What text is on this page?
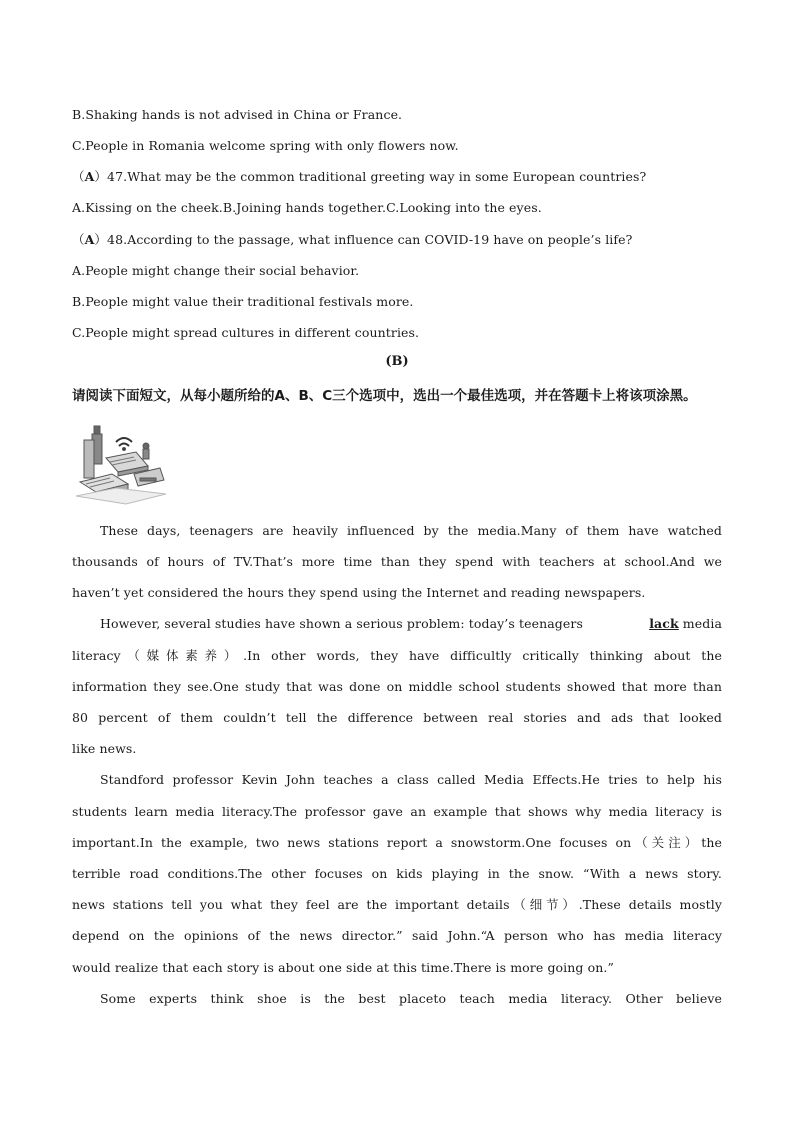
B.Shaking hands is not advised in China or France.
C.People in Romania welcome spring with only flowers now.
（A）47.What may be the common traditional greeting way in some European countries?
A.Kissing on the cheek.B.Joining hands together.C.Looking into the eyes.
（A）48.According to the passage, what influence can COVID-19 have on people’s life?
A.People might change their social behavior.
B.People might value their traditional festivals more.
C.People might spread cultures in different countries.
(B)
请阅读下面短文，从每小题所给的A、B、C三个选项中，选出一个最佳选项，并在答题卡上将该项涂黑。
These days, teenagers are heavily influenced by the media.Many of them have watched
thousands of hours of TV.That’s more time than they spend with teachers at school.And we
haven’t yet considered the hours they spend using the Internet and reading newspapers.
However, several studies have shown a serious problem: today’s teenagers	lack media
literacy（媒体素养）.In other words, they have difficultly critically thinking about the
information they see.One study that was done on middle school students showed that more than
80 percent of them couldn’t tell the difference between real stories and ads that looked
like news.
Standford professor Kevin John teaches a class called Media Effects.He tries to help his
students learn media literacy.The professor gave an example that shows why media literacy is
important.In the example, two news stations report a snowstorm.One focuses on（关注）the
terrible road conditions.The other focuses on kids playing in the snow. “With a news story.
news stations tell you what they feel are the important details（细节）.These details mostly
depend on the opinions of the news director.” said John.“A person who has media literacy
would realize that each story is about one side at this time.There is more going on.”
Some experts think shoe is the best placeto teach media literacy. Other believe
